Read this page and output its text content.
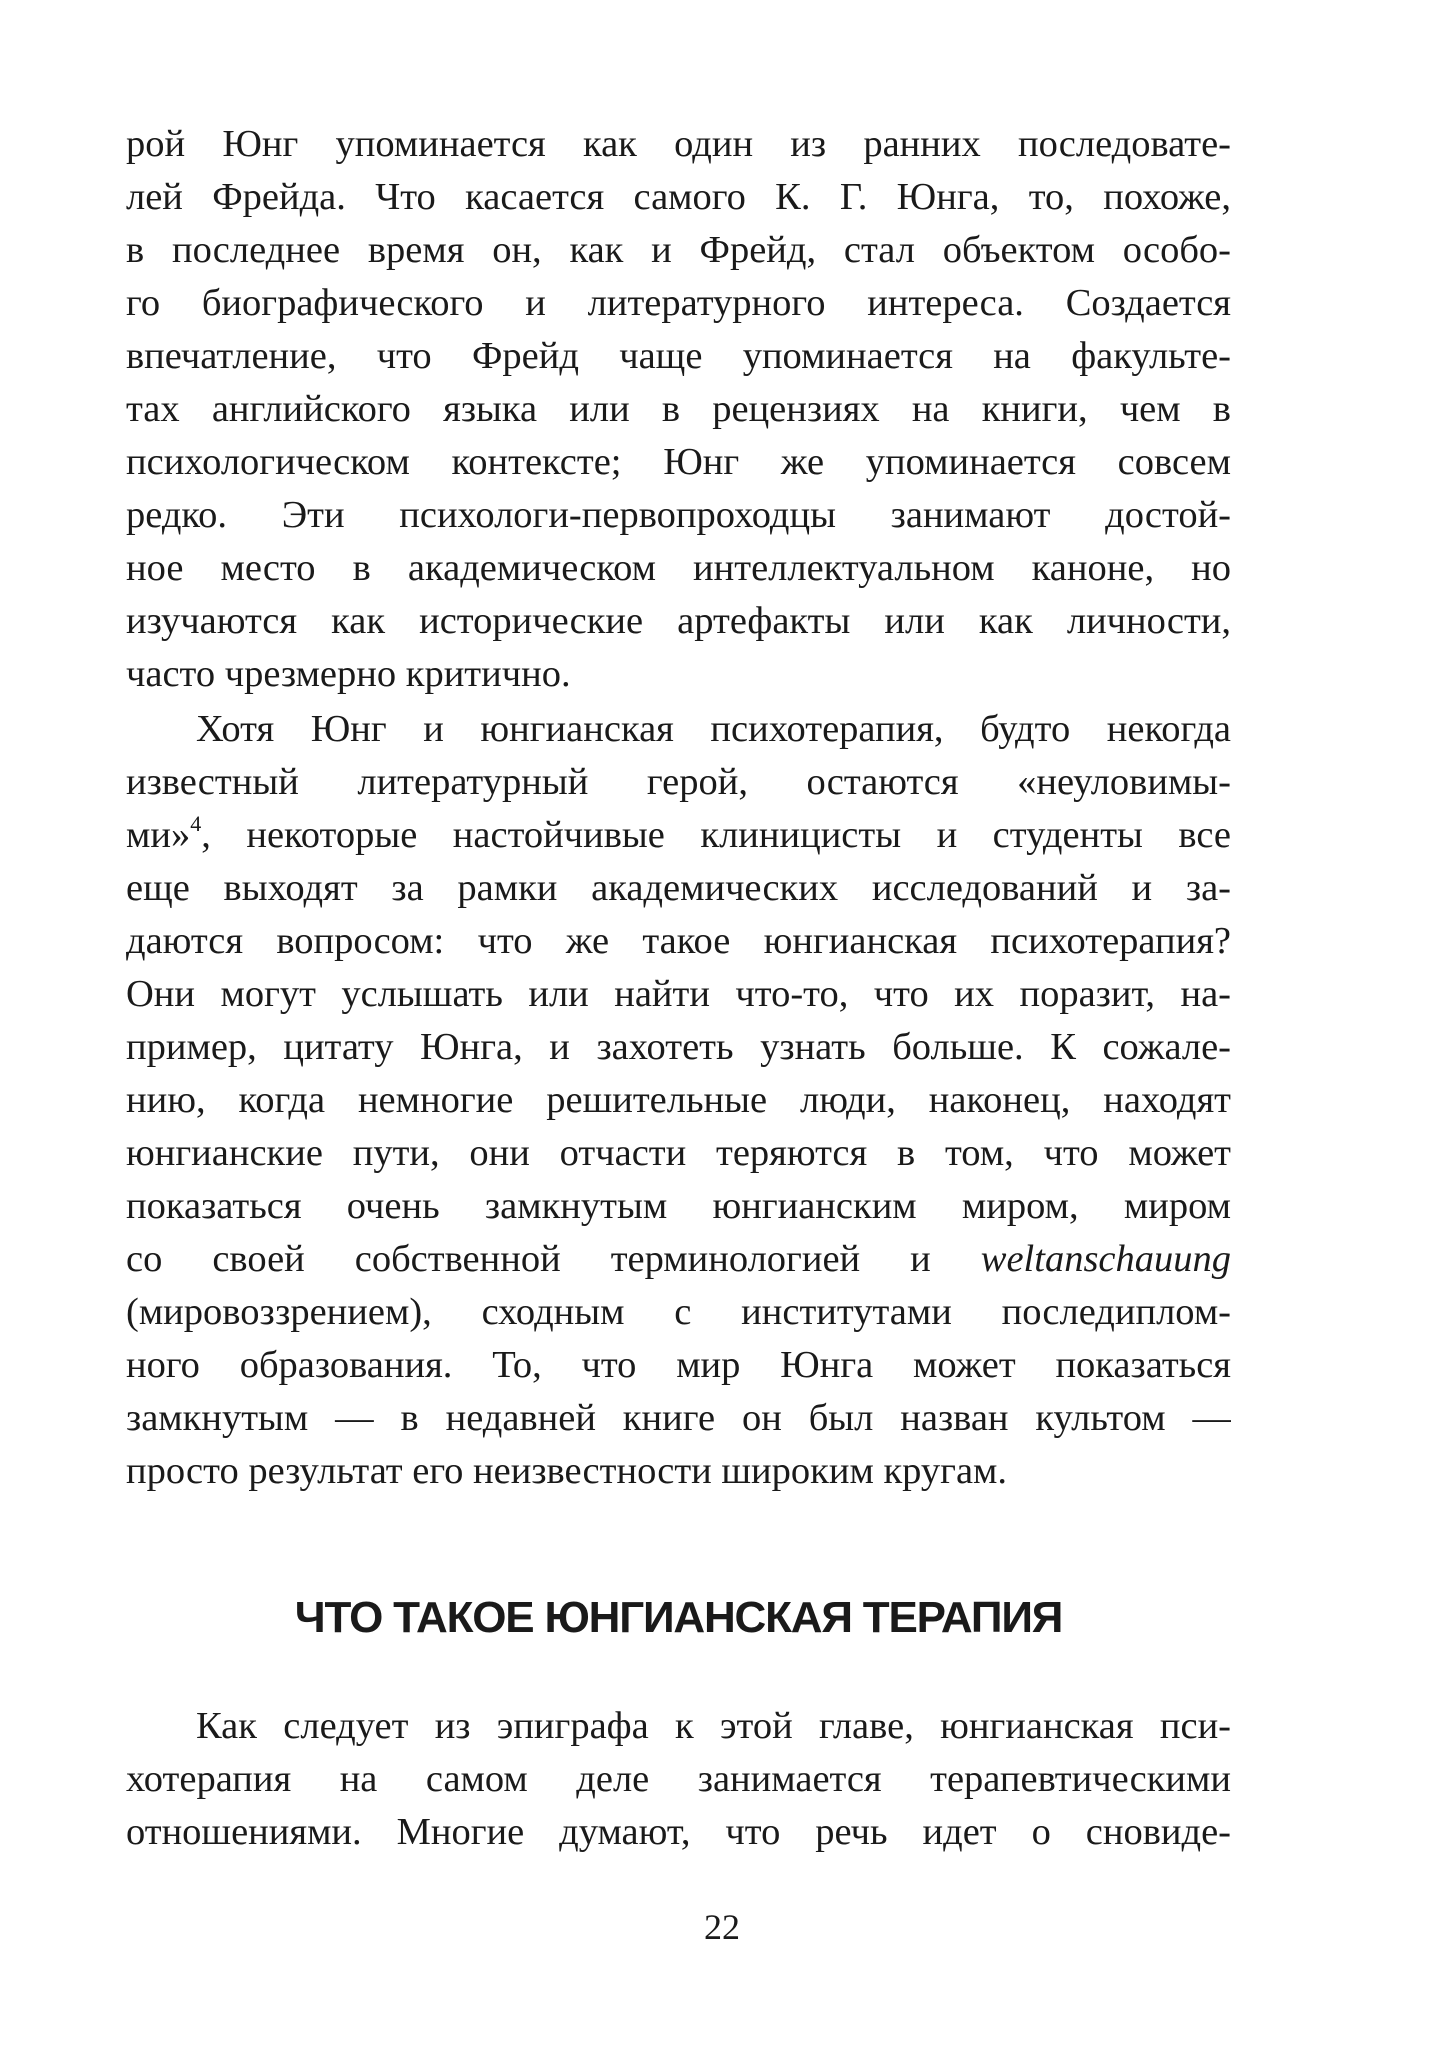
рой Юнг упоминается как один из ранних последовате-
лей Фрейда. Что касается самого К. Г. Юнга, то, похоже,
в последнее время он, как и Фрейд, стал объектом особо-
го биографического и литературного интереса. Создается
впечатление, что Фрейд чаще упоминается на факульте-
тах английского языка или в рецензиях на книги, чем в
психологическом контексте; Юнг же упоминается совсем
редко. Эти психологи-первопроходцы занимают достой-
ное место в академическом интеллектуальном каноне, но
изучаются как исторические артефакты или как личности,
часто чрезмерно критично.
Хотя Юнг и юнгианская психотерапия, будто некогда
известный литературный герой, остаются «неуловимы-
ми»$^4$, некоторые настойчивые клиницисты и студенты все
еще выходят за рамки академических исследований и за-
даются вопросом: что же такое юнгианская психотерапия?
Они могут услышать или найти что-то, что их поразит, на-
пример, цитату Юнга, и захотеть узнать больше. К сожале-
нию, когда немногие решительные люди, наконец, находят
юнгианские пути, они отчасти теряются в том, что может
показаться очень замкнутым юнгианским миром, миром
со своей собственной терминологией и weltanschauung
(мировоззрением), сходным с институтами последиплом-
ного образования. То, что мир Юнга может показаться
замкнутым — в недавней книге он был назван культом —
просто результат его неизвестности широким кругам.
ЧТО ТАКОЕ ЮНГИАНСКАЯ ТЕРАПИЯ
Как следует из эпиграфа к этой главе, юнгианская пси-
хотерапия на самом деле занимается терапевтическими
отношениями. Многие думают, что речь идет о сновиде-
22
